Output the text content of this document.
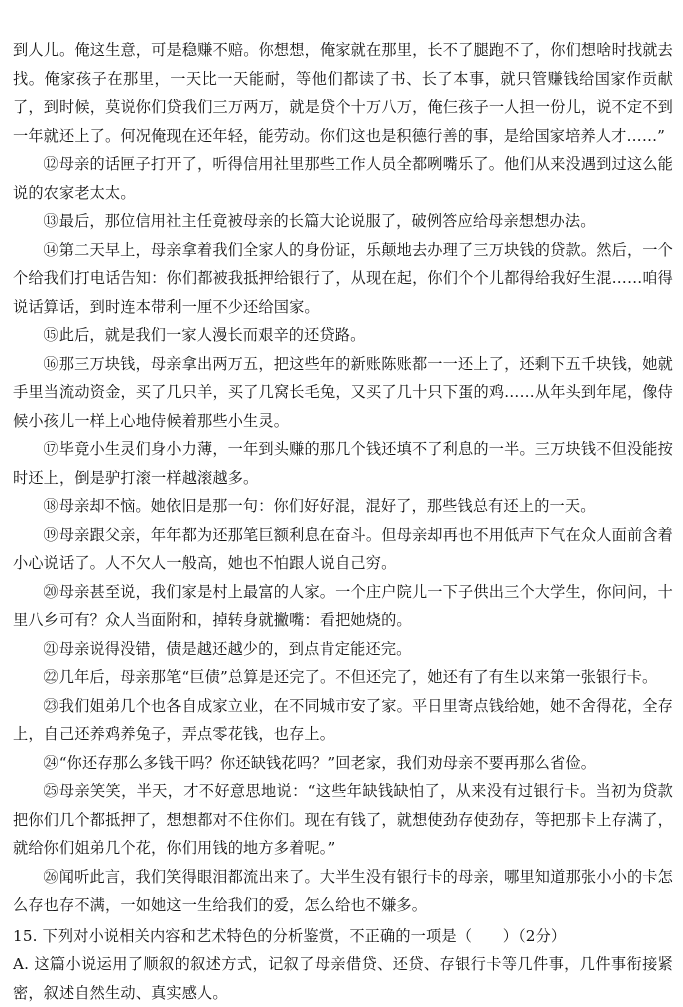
到人儿。俺这生意，可是稳赚不赔。你想想，俺家就在那里，长不了腿跑不了，你们想啥时找就去找。俺家孩子在那里，一天比一天能耐，等他们都读了书、长了本事，就只管赚钱给国家作贡献了，到时候，莫说你们贷我们三万两万，就是贷个十万八万，俺仨孩子一人担一份儿，说不定不到一年就还上了。何况俺现在还年轻，能劳动。你们这也是积德行善的事，是给国家培养人才……”

⑫母亲的话匣子打开了，听得信用社里那些工作人员全都咧嘴乐了。他们从来没遇到过这么能说的农家老太太。

⑬最后，那位信用社主任竟被母亲的长篇大论说服了，破例答应给母亲想想办法。

⑭第二天早上，母亲拿着我们全家人的身份证，乐颠地去办理了三万块钱的贷款。然后，一个个给我们打电话告知：你们都被我抵押给银行了，从现在起，你们个个儿都得给我好生混……咱得说话算话，到时连本带利一厘不少还给国家。

⑮此后，就是我们一家人漫长而艰辛的还贷路。

⑯那三万块钱，母亲拿出两万五，把这些年的新账陈账都一一还上了，还剩下五千块钱，她就手里当流动资金，买了几只羊，买了几窝长毛兔，又买了几十只下蛋的鸡……从年头到年尾，像侍候小孩儿一样上心地侍候着那些小生灵。

⑰毕竟小生灵们身小力薄，一年到头赚的那几个钱还填不了利息的一半。三万块钱不但没能按时还上，倒是驴打滚一样越滚越多。

⑱母亲却不恼。她依旧是那一句：你们好好混，混好了，那些钱总有还上的一天。

⑲母亲跟父亲，年年都为还那笔巨额利息在奋斗。但母亲却再也不用低声下气在众人面前含着小心说话了。人不欠人一般高，她也不怕跟人说自己穷。

⑳母亲甚至说，我们家是村上最富的人家。一个庄户院儿一下子供出三个大学生，你问问，十里八乡可有？众人当面附和，掉转身就撇嘴：看把她烧的。

㉑母亲说得没错，债是越还越少的，到点肯定能还完。

㉒几年后，母亲那笔“巨债”总算是还完了。不但还完了，她还有了有生以来第一张银行卡。

㉓我们姐弟几个也各自成家立业，在不同城市安了家。平日里寄点钱给她，她不舍得花，全存上，自己还养鸡养兔子，弄点零花钱，也存上。

㉔“你还存那么多钱干吗？你还缺钱花吗？”回老家，我们劝母亲不要再那么省俭。

㉕母亲笑笑，半天，才不好意思地说：“这些年缺钱缺怕了，从来没有过银行卡。当初为贷款把你们几个都抵押了，想想都对不住你们。现在有钱了，就想使劲存使劲存，等把那卡上存满了，就给你们姐弟几个花，你们用钱的地方多着呢。”

㉖闻听此言，我们笑得眼泪都流出来了。大半生没有银行卡的母亲，哪里知道那张小小的卡怎么存也存不满，一如她这一生给我们的爱，怎么给也不嫌多。

15. 下列对小说相关内容和艺术特色的分析鉴赏，不正确的一项是（　　）（2分）

A. 这篇小说运用了顺叙的叙述方式，记叙了母亲借贷、还贷、存银行卡等几件事，几件事衔接紧密，叙述自然生动、真实感人。
